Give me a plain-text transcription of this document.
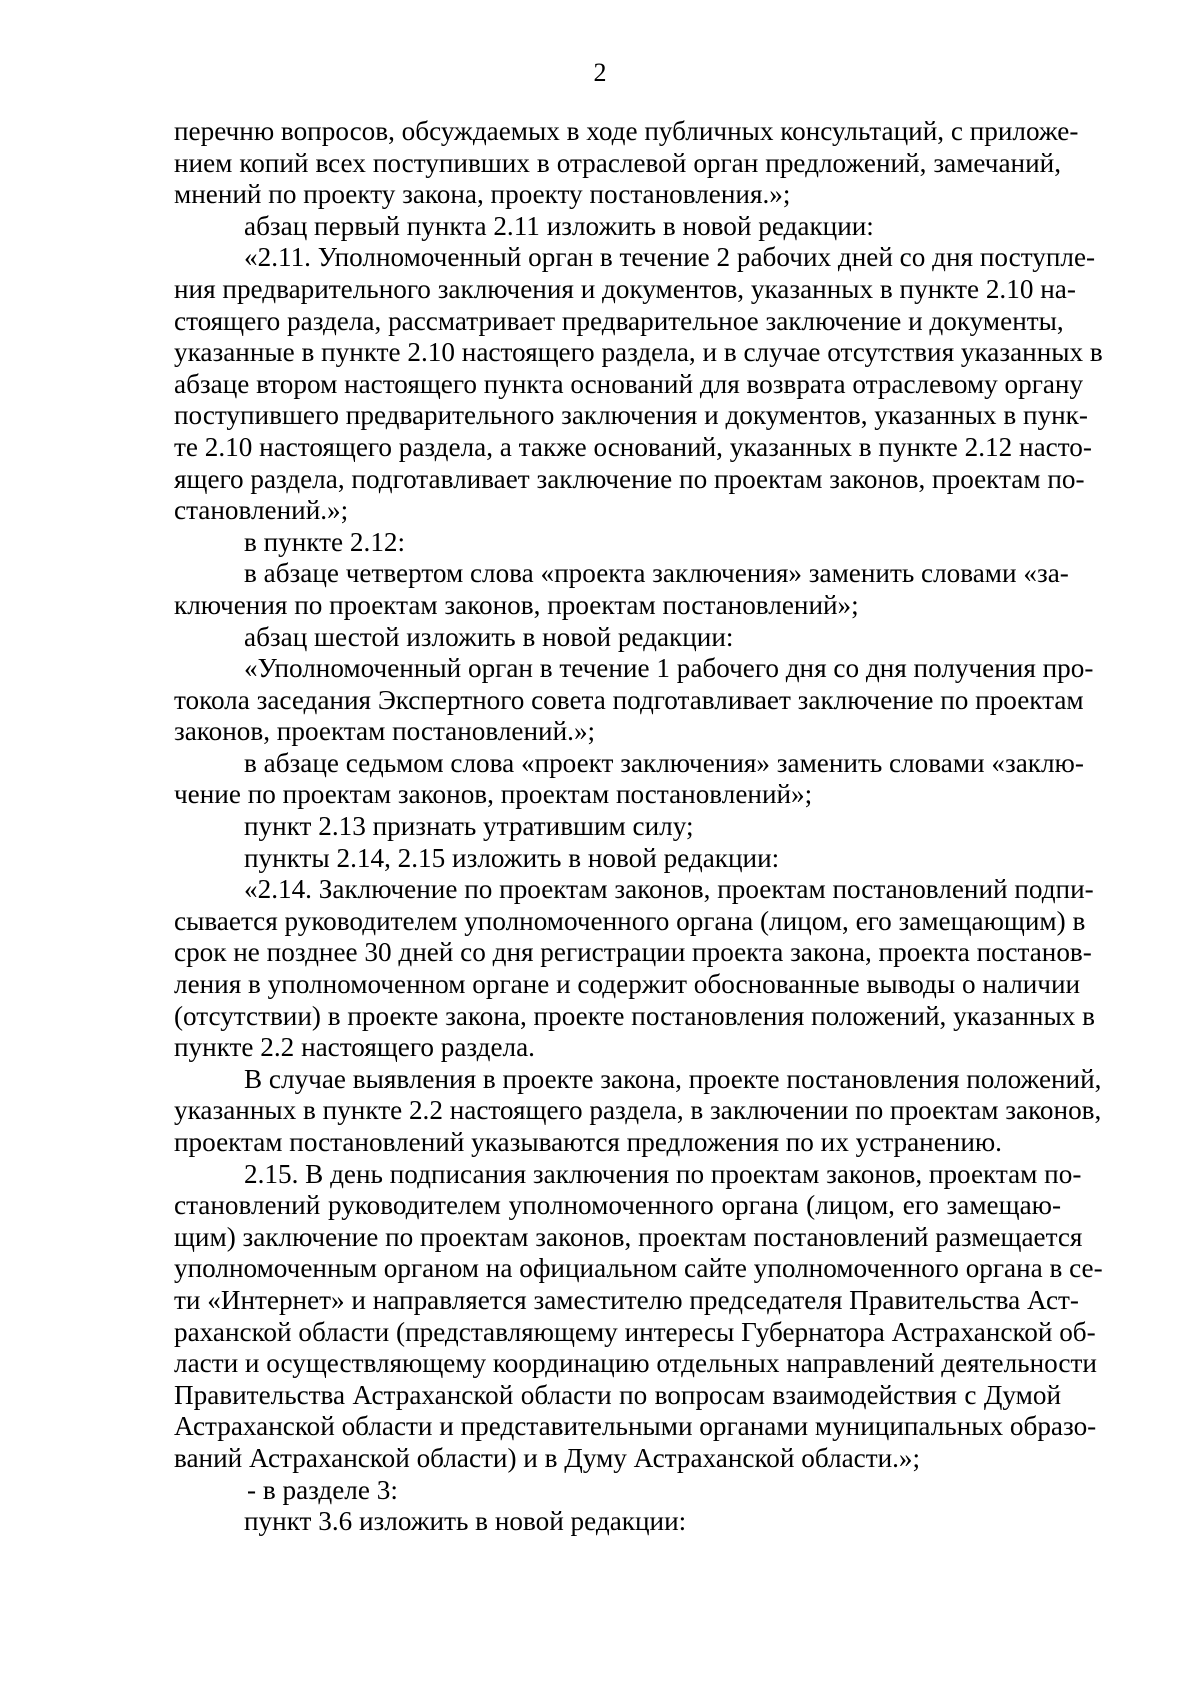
2
перечню вопросов, обсуждаемых в ходе публичных консультаций, с приложе-
нием копий всех поступивших в отраслевой орган предложений, замечаний,
мнений по проекту закона, проекту постановления.»;
абзац первый пункта 2.11 изложить в новой редакции:
«2.11. Уполномоченный орган в течение 2 рабочих дней со дня поступле-
ния предварительного заключения и документов, указанных в пункте 2.10 на-
стоящего раздела, рассматривает предварительное заключение и документы,
указанные в пункте 2.10 настоящего раздела, и в случае отсутствия указанных в
абзаце втором настоящего пункта оснований для возврата отраслевому органу
поступившего предварительного заключения и документов, указанных в пунк-
те 2.10 настоящего раздела, а также оснований, указанных в пункте 2.12 насто-
ящего раздела, подготавливает заключение по проектам законов, проектам по-
становлений.»;
в пункте 2.12:
в абзаце четвертом слова «проекта заключения» заменить словами «за-
ключения по проектам законов, проектам постановлений»;
абзац шестой изложить в новой редакции:
«Уполномоченный орган в течение 1 рабочего дня со дня получения про-
токола заседания Экспертного совета подготавливает заключение по проектам
законов, проектам постановлений.»;
в абзаце седьмом слова «проект заключения» заменить словами «заклю-
чение по проектам законов, проектам постановлений»;
пункт 2.13 признать утратившим силу;
пункты 2.14, 2.15 изложить в новой редакции:
«2.14. Заключение по проектам законов, проектам постановлений подпи-
сывается руководителем уполномоченного органа (лицом, его замещающим) в
срок не позднее 30 дней со дня регистрации проекта закона, проекта постанов-
ления в уполномоченном органе и содержит обоснованные выводы о наличии
(отсутствии) в проекте закона, проекте постановления положений, указанных в
пункте 2.2 настоящего раздела.
В случае выявления в проекте закона, проекте постановления положений,
указанных в пункте 2.2 настоящего раздела, в заключении по проектам законов,
проектам постановлений указываются предложения по их устранению.
2.15. В день подписания заключения по проектам законов, проектам по-
становлений руководителем уполномоченного органа (лицом, его замещаю-
щим) заключение по проектам законов, проектам постановлений размещается
уполномоченным органом на официальном сайте уполномоченного органа в се-
ти «Интернет» и направляется заместителю председателя Правительства Аст-
раханской области (представляющему интересы Губернатора Астраханской об-
ласти и осуществляющему координацию отдельных направлений деятельности
Правительства Астраханской области по вопросам взаимодействия с Думой
Астраханской области и представительными органами муниципальных образо-
ваний Астраханской области) и в Думу Астраханской области.»;
- в разделе 3:
пункт 3.6 изложить в новой редакции:
